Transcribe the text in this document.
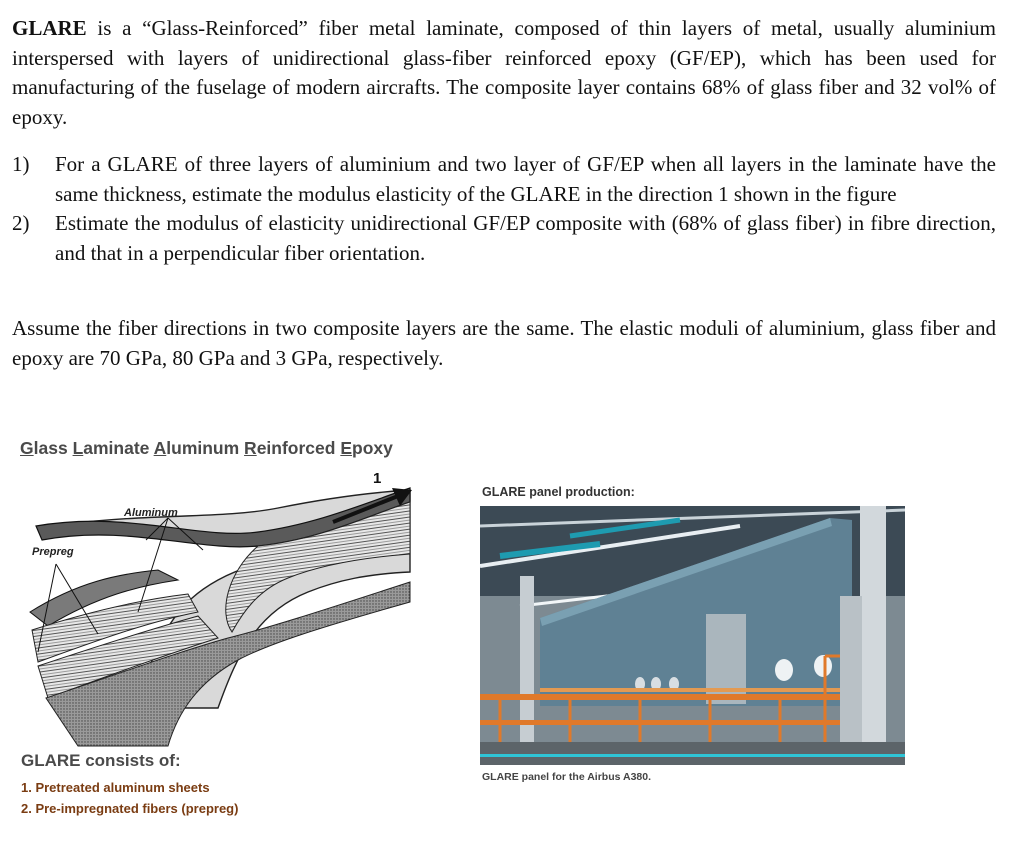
GLARE is a “Glass-Reinforced” fiber metal laminate, composed of thin layers of metal, usually aluminium interspersed with layers of unidirectional glass-fiber reinforced epoxy (GF/EP), which has been used for manufacturing of the fuselage of modern aircrafts. The composite layer contains 68% of glass fiber and 32 vol% of epoxy.
1) For a GLARE of three layers of aluminium and two layer of GF/EP when all layers in the laminate have the same thickness, estimate the modulus elasticity of the GLARE in the direction 1 shown in the figure
2) Estimate the modulus of elasticity unidirectional GF/EP composite with (68% of glass fiber) in fibre direction, and that in a perpendicular fiber orientation.
Assume the fiber directions in two composite layers are the same. The elastic moduli of aluminium, glass fiber and epoxy are 70 GPa, 80 GPa and 3 GPa, respectively.
Glass Laminate Aluminum Reinforced Epoxy
Aluminum
Prepreg
1
GLARE consists of:
1. Pretreated aluminum sheets
2. Pre-impregnated fibers (prepreg)
GLARE panel production:
GLARE panel for the Airbus A380.
